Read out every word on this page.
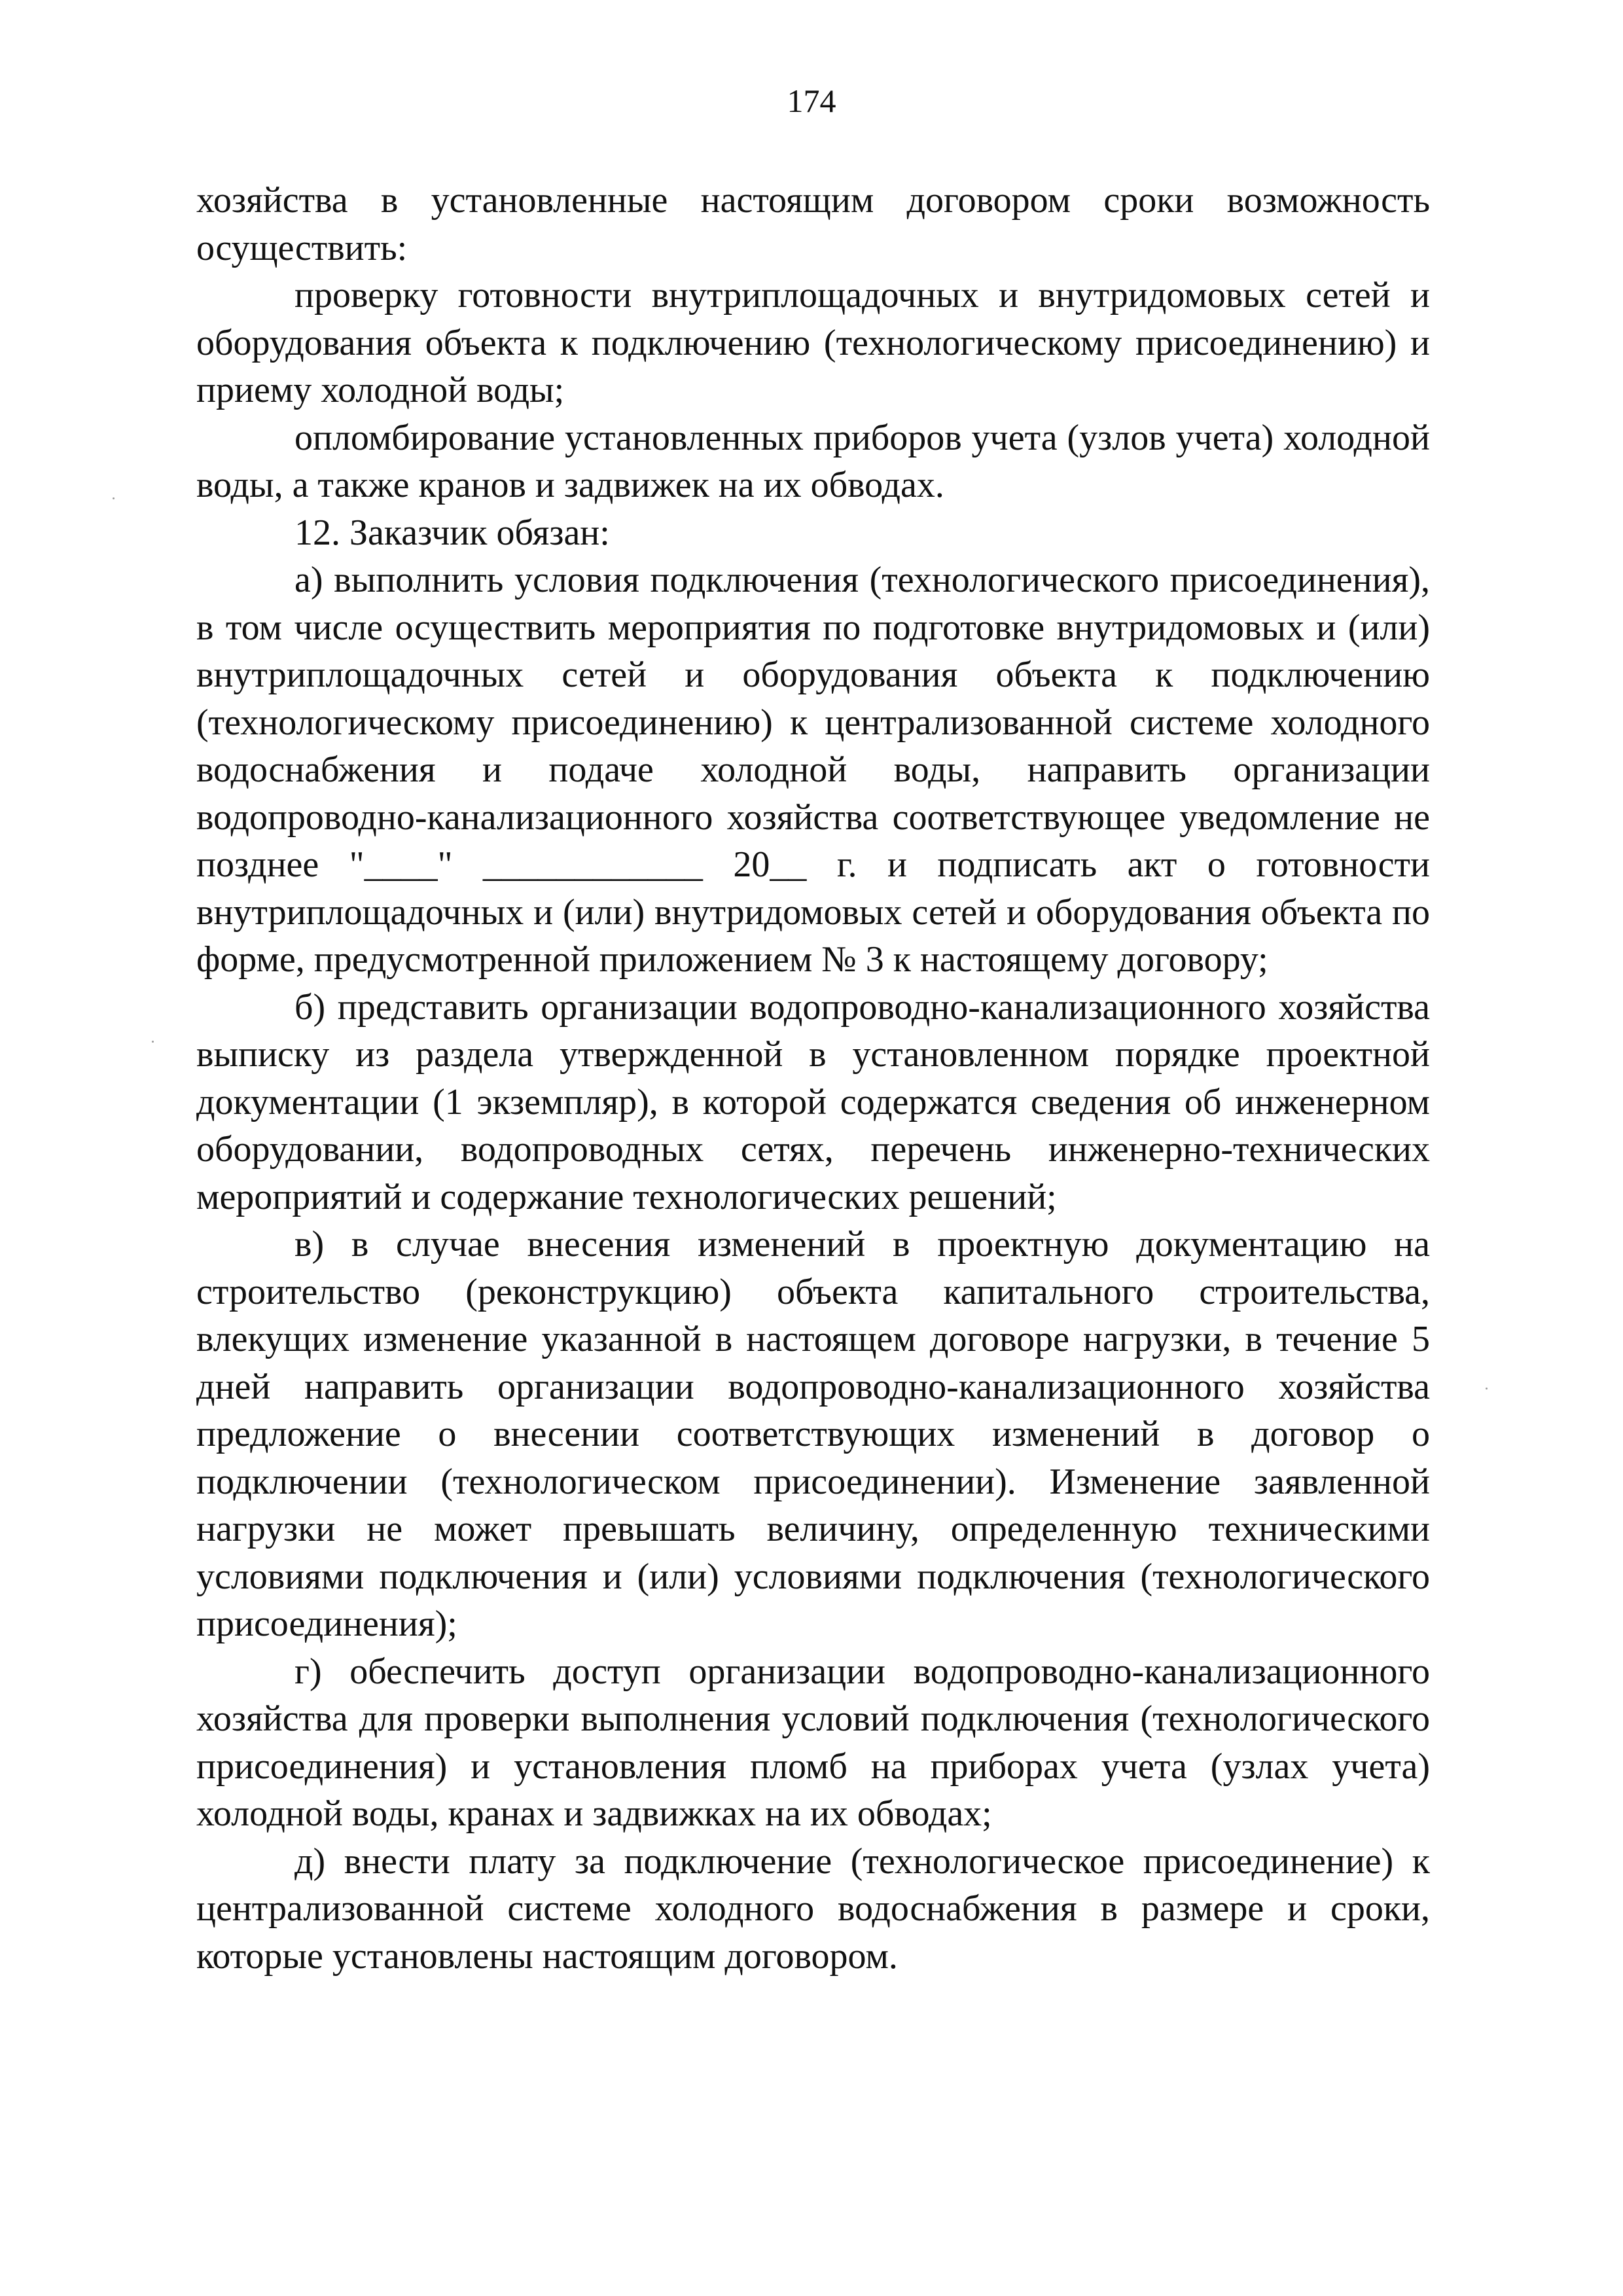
174

хозяйства в установленные настоящим договором сроки возможность осуществить:

проверку готовности внутриплощадочных и внутридомовых сетей и оборудования объекта к подключению (технологическому присоединению) и приему холодной воды;

опломбирование установленных приборов учета (узлов учета) холодной воды, а также кранов и задвижек на их обводах.

12. Заказчик обязан:

а) выполнить условия подключения (технологического присоединения), в том числе осуществить мероприятия по подготовке внутридомовых и (или) внутриплощадочных сетей и оборудования объекта к подключению (технологическому присоединению) к централизованной системе холодного водоснабжения и подаче холодной воды, направить организации водопроводно-канализационного хозяйства соответствующее уведомление не позднее "____" ____________ 20__ г. и подписать акт о готовности внутриплощадочных и (или) внутридомовых сетей и оборудования объекта по форме, предусмотренной приложением № 3 к настоящему договору;

б) представить организации водопроводно-канализационного хозяйства выписку из раздела утвержденной в установленном порядке проектной документации (1 экземпляр), в которой содержатся сведения об инженерном оборудовании, водопроводных сетях, перечень инженерно-технических мероприятий и содержание технологических решений;

в) в случае внесения изменений в проектную документацию на строительство (реконструкцию) объекта капитального строительства, влекущих изменение указанной в настоящем договоре нагрузки, в течение 5 дней направить организации водопроводно-канализационного хозяйства предложение о внесении соответствующих изменений в договор о подключении (технологическом присоединении). Изменение заявленной нагрузки не может превышать величину, определенную техническими условиями подключения и (или) условиями подключения (технологического присоединения);

г) обеспечить доступ организации водопроводно-канализационного хозяйства для проверки выполнения условий подключения (технологического присоединения) и установления пломб на приборах учета (узлах учета) холодной воды, кранах и задвижках на их обводах;

д) внести плату за подключение (технологическое присоединение) к централизованной системе холодного водоснабжения в размере и сроки, которые установлены настоящим договором.
